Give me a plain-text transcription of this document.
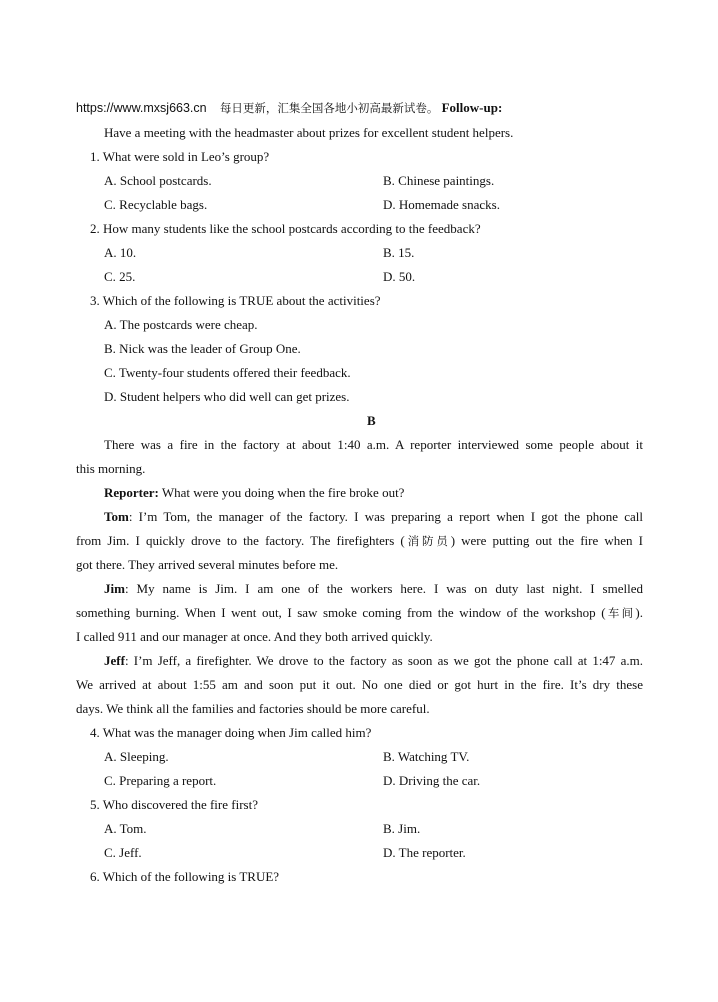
https://www.mxsj663.cn 每日更新，汇集全国各地小初高最新试卷。 Follow-up:
Have a meeting with the headmaster about prizes for excellent student helpers.
1. What were sold in Leo’s group?
A. School postcards.	B. Chinese paintings.
C. Recyclable bags.	D. Homemade snacks.
2. How many students like the school postcards according to the feedback?
A. 10.	B. 15.
C. 25.	D. 50.
3. Which of the following is TRUE about the activities?
A. The postcards were cheap.
B. Nick was the leader of Group One.
C. Twenty-four students offered their feedback.
D. Student helpers who did well can get prizes.
B
There was a fire in the factory at about 1:40 a.m. A reporter interviewed some people about it
this morning.
Reporter: What were you doing when the fire broke out?
Tom: I’m Tom, the manager of the factory. I was preparing a report when I got the phone call
from Jim. I quickly drove to the factory. The firefighters (消防员) were putting out the fire when I
got there. They arrived several minutes before me.
Jim: My name is Jim. I am one of the workers here. I was on duty last night. I smelled
something burning. When I went out, I saw smoke coming from the window of the workshop (车间).
I called 911 and our manager at once. And they both arrived quickly.
Jeff: I’m Jeff, a firefighter. We drove to the factory as soon as we got the phone call at 1:47 a.m.
We arrived at about 1:55 am and soon put it out. No one died or got hurt in the fire. It’s dry these
days. We think all the families and factories should be more careful.
4. What was the manager doing when Jim called him?
A. Sleeping.	B. Watching TV.
C. Preparing a report.	D. Driving the car.
5. Who discovered the fire first?
A. Tom.	B. Jim.
C. Jeff.	D. The reporter.
6. Which of the following is TRUE?
